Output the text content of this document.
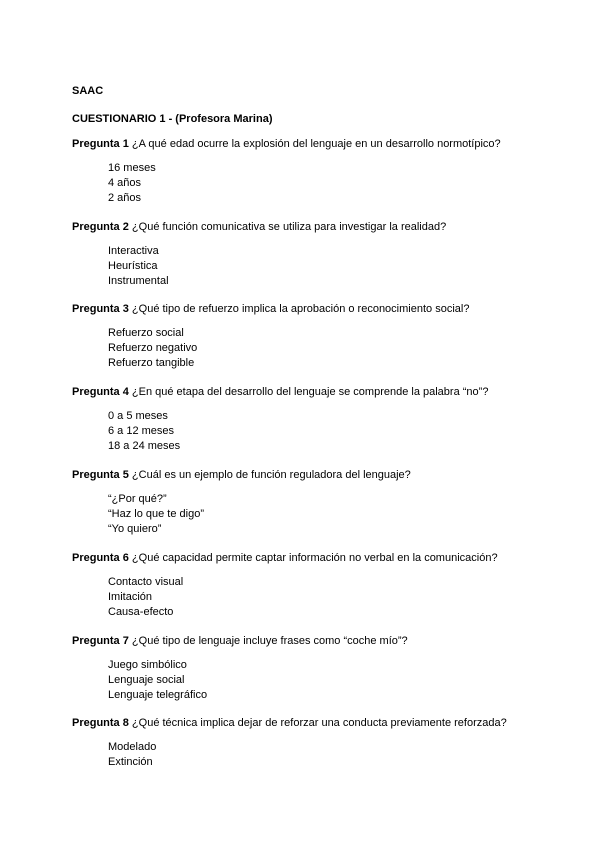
SAAC

CUESTIONARIO 1 - (Profesora Marina)

Pregunta 1 ¿A qué edad ocurre la explosión del lenguaje en un desarrollo normotípico?

16 meses
4 años
2 años

Pregunta 2 ¿Qué función comunicativa se utiliza para investigar la realidad?

Interactiva
Heurística
Instrumental

Pregunta 3 ¿Qué tipo de refuerzo implica la aprobación o reconocimiento social?

Refuerzo social
Refuerzo negativo
Refuerzo tangible

Pregunta 4 ¿En qué etapa del desarrollo del lenguaje se comprende la palabra “no”?

0 a 5 meses
6 a 12 meses
18 a 24 meses

Pregunta 5 ¿Cuál es un ejemplo de función reguladora del lenguaje?

“¿Por qué?”
“Haz lo que te digo”
“Yo quiero”

Pregunta 6 ¿Qué capacidad permite captar información no verbal en la comunicación?

Contacto visual
Imitación
Causa-efecto

Pregunta 7 ¿Qué tipo de lenguaje incluye frases como “coche mío”?

Juego simbólico
Lenguaje social
Lenguaje telegráfico

Pregunta 8 ¿Qué técnica implica dejar de reforzar una conducta previamente reforzada?

Modelado
Extinción
